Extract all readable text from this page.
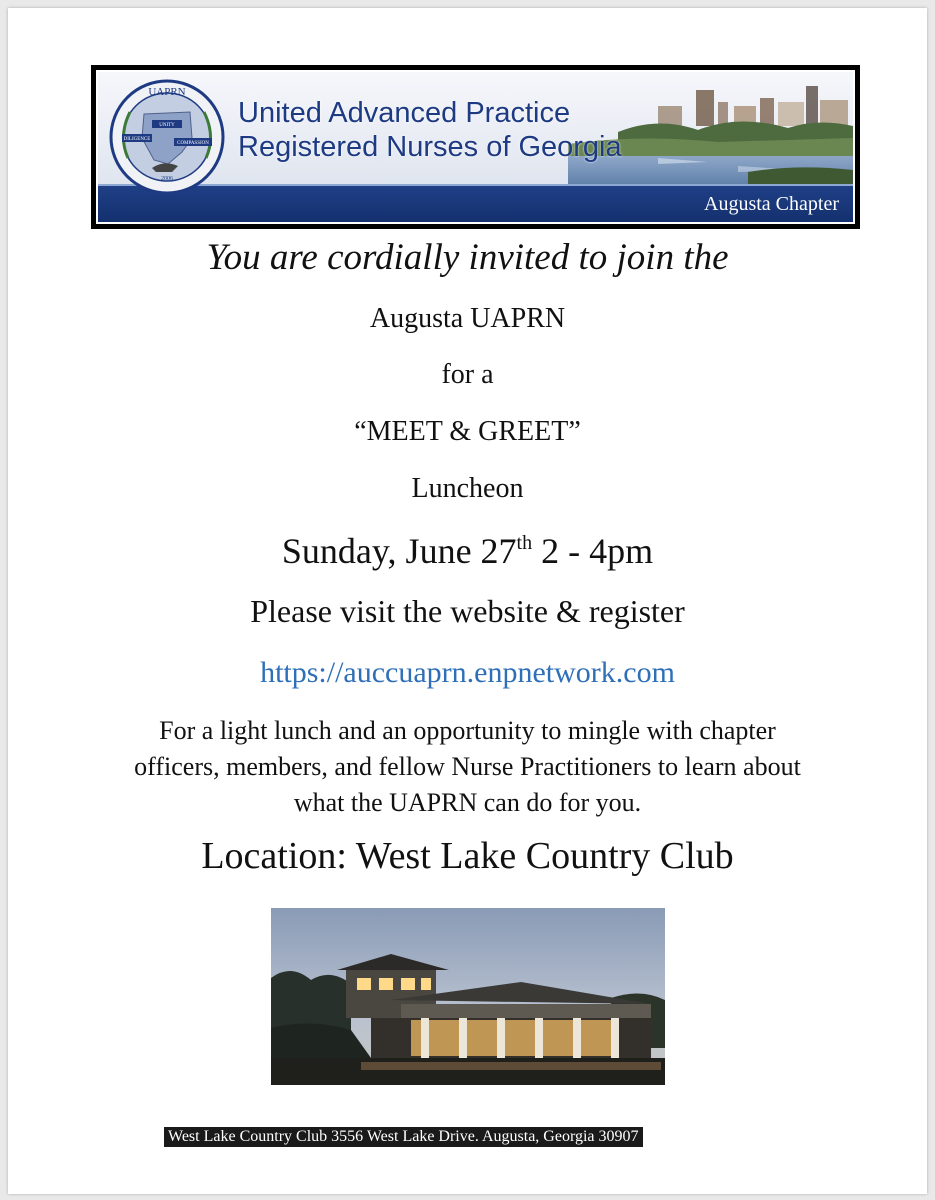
Augusta Chapter
United Advanced Practice
Registered Nurses of Georgia
UAPRN
UNITY
DILIGENCE
COMPASSION
2006
You are cordially invited to join the
Augusta UAPRN
for a
“MEET & GREET”
Luncheon
Sunday, June 27th 2 - 4pm
Please visit the website & register
https://auccuaprn.enpnetwork.com
For a light lunch and an opportunity to mingle with chapter
officers, members, and fellow Nurse Practitioners to learn about
what the UAPRN can do for you.
Location: West Lake Country Club
West Lake Country Club 3556 West Lake Drive. Augusta, Georgia 30907
